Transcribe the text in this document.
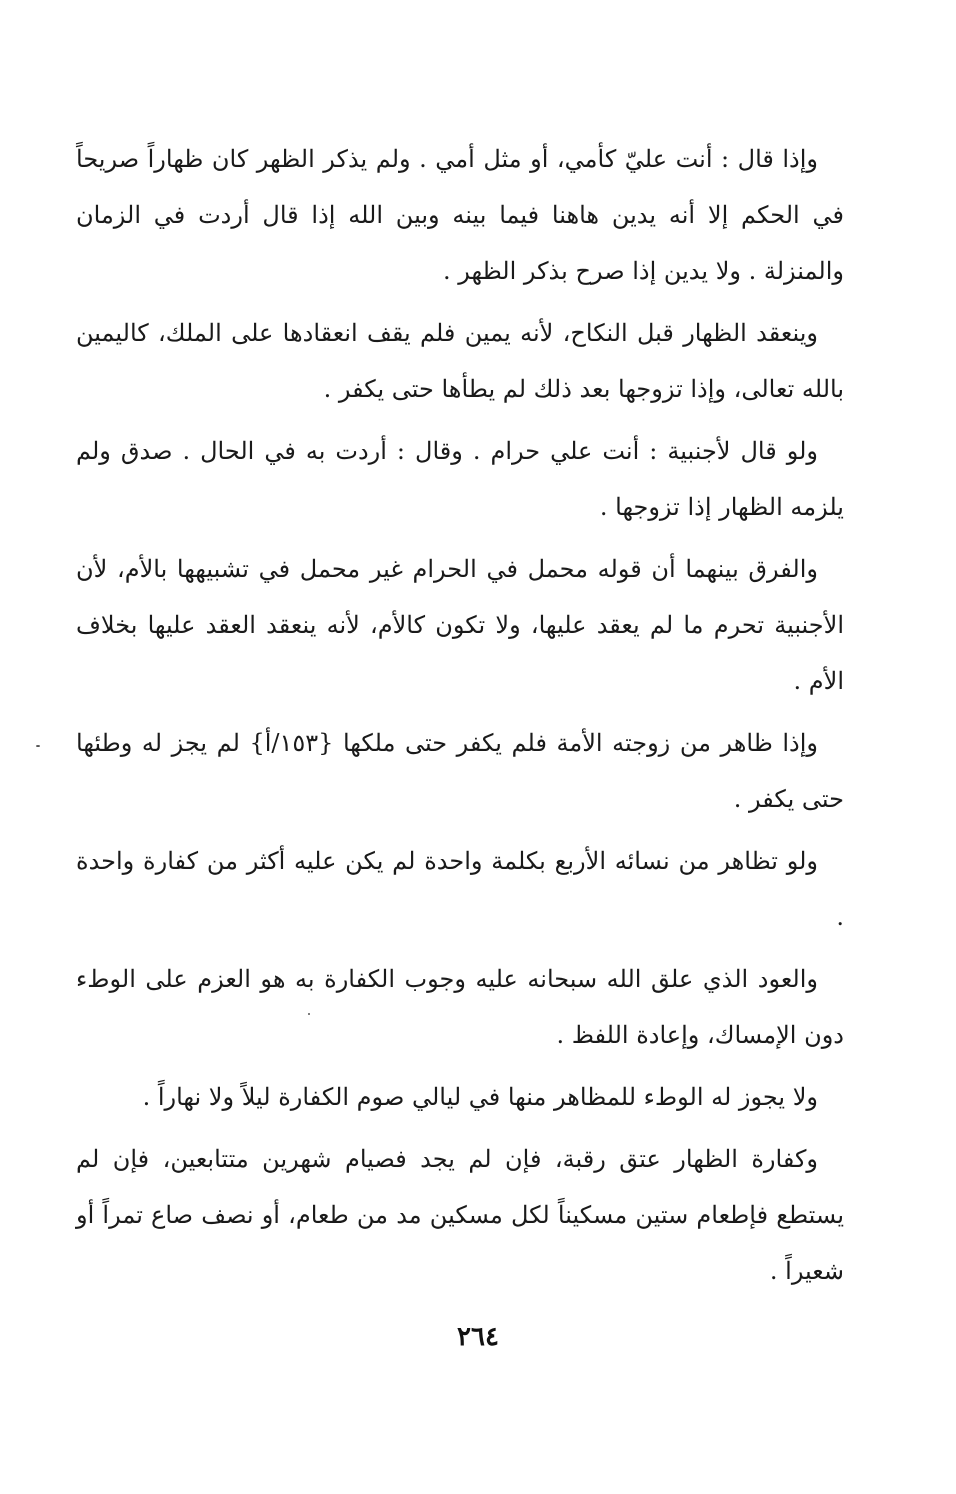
وإذا قال : أنت عليّ كأمي، أو مثل أمي . ولم يذكر الظهر كان ظهاراً صريحاً في الحكم إلا أنه يدين هاهنا فيما بينه وبين الله إذا قال أردت في الزمان والمنزلة . ولا يدين إذا صرح بذكر الظهر .

وينعقد الظهار قبل النكاح، لأنه يمين فلم يقف انعقادها على الملك، كاليمين بالله تعالى، وإذا تزوجها بعد ذلك لم يطأها حتى يكفر .

ولو قال لأجنبية : أنت علي حرام . وقال : أردت به في الحال . صدق ولم يلزمه الظهار إذا تزوجها .

والفرق بينهما أن قوله محمل في الحرام غير محمل في تشبيهها بالأم، لأن الأجنبية تحرم ما لم يعقد عليها، ولا تكون كالأم، لأنه ينعقد العقد عليها بخلاف الأم .

وإذا ظاهر من زوجته الأمة فلم يكفر حتى ملكها {١٥٣/أ} لم يجز له وطئها حتى يكفر .

ولو تظاهر من نسائه الأربع بكلمة واحدة لم يكن عليه أكثر من كفارة واحدة .

والعود الذي علق الله سبحانه عليه وجوب الكفارة به هو العزم على الوطء دون الإمساك، وإعادة اللفظ .

ولا يجوز له الوطء للمظاهر منها في ليالي صوم الكفارة ليلاً ولا نهاراً .

وكفارة الظهار عتق رقبة، فإن لم يجد فصيام شهرين متتابعين، فإن لم يستطع فإطعام ستين مسكيناً لكل مسكين مد من طعام، أو نصف صاع تمراً أو شعيراً .

٢٦٤
